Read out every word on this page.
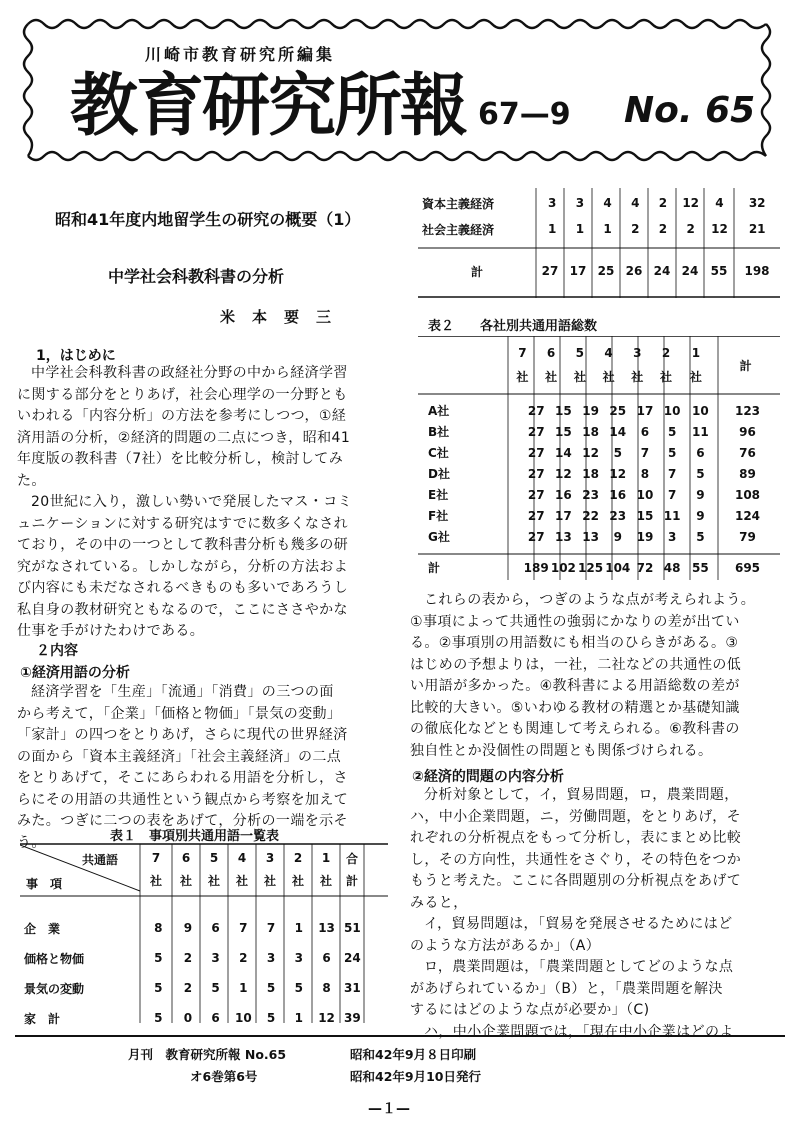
川崎市教育研究所編集
教育研究所報 67—9 No. 65
昭和41年度内地留学生の研究の概要（1）
中学社会科教科書の分析
米本要三
1，はじめに

中学社会科教科書の政経社分野の中から経済学習

に関する部分をとりあげ，社会心理学の一分野とも

いわれる「内容分析」の方法を参考にしつつ，①経

済用語の分析，②経済的問題の二点につき，昭和41

年度版の教科書（7社）を比較分析し，検討してみ

た。

20世紀に入り，激しい勢いで発展したマス・コミ

ュニケーションに対する研究はすでに数多くなされ

ており，その中の一つとして教科書分析も幾多の研

究がなされている。しかしながら，分析の方法およ

び内容にも未だなされるべきものも多いであろうし

私自身の教材研究ともなるので，ここにささやかな

仕事を手がけたわけである。

２内容
①経済用語の分析

経済学習を「生産」「流通」「消費」の三つの面

から考えて，「企業」「価格と物価」「景気の変動」

「家計」の四つをとりあげ，さらに現代の世界経済

の面から「資本主義経済」「社会主義経済」の二点

をとりあげて，そこにあらわれる用語を分析し，さ

らにその用語の共通性という観点から考察を加えて

みた。つぎに二つの表をあげて，分析の一端を示そ

う。	表１　事項別共通用語一覧表
共通語
事　項
7	6	5	4	3	2	1	合	
社	社	社	社	社	社	社	計	
企　業	8	9	6	7	7	1	13	51	
価格と物価	5	2	3	2	3	3	6	24	
景気の変動	5	2	5	1	5	5	8	31	
家　計	5	0	6	10	5	1	12	39	
資本主義経済	3	3	4	4	2	12	4	32
社会主義経済	1	1	1	2	2	2	12	21
計	27	17	25	26	24	24	55	198
表２　　各社別共通用語総数
7	6	5	4	3	2	1	計
社	社	社	社	社	社	社	
A社	27	15	19	25	17	10	10	123
B社	27	15	18	14	6	5	11	96
C社	27	14	12	5	7	5	6	76
D社	27	12	18	12	8	7	5	89
E社	27	16	23	16	10	7	9	108
F社	27	17	22	23	15	11	9	124
G社	27	13	13	9	19	3	5	79
計	189	102	125	104	72	48	55	695

これらの表から，つぎのような点が考えられよう。

①事項によって共通性の強弱にかなりの差が出てい

る。②事項別の用語数にも相当のひらきがある。③

はじめの予想よりは，一社，二社などの共通性の低

い用語が多かった。④教科書による用語総数の差が

比較的大きい。⑤いわゆる教材の精選とか基礎知識

の徹底化などとも関連して考えられる。⑥教科書の

独自性とか没個性の問題とも関係づけられる。

②経済的問題の内容分析

分析対象として，イ，貿易問題，ロ，農業問題，

ハ，中小企業問題，ニ，労働問題，をとりあげ，そ

れぞれの分析視点をもって分析し，表にまとめ比較

し，その方向性，共通性をさぐり，その特色をつか

もうと考えた。ここに各問題別の分析視点をあげて

みると，

イ，貿易問題は，「貿易を発展させるためにはど

のような方法があるか」（A）

ロ，農業問題は，「農業問題としてどのような点

があげられているか」（B）と，「農業問題を解決

するにはどのような点が必要か」（C)

ハ，中小企業問題では，「現在中小企業はどのよ

月刊　教育研究所報 No.65	昭和42年9月８日印刷
オ6巻第6号	昭和42年9月10日発行
—１—
